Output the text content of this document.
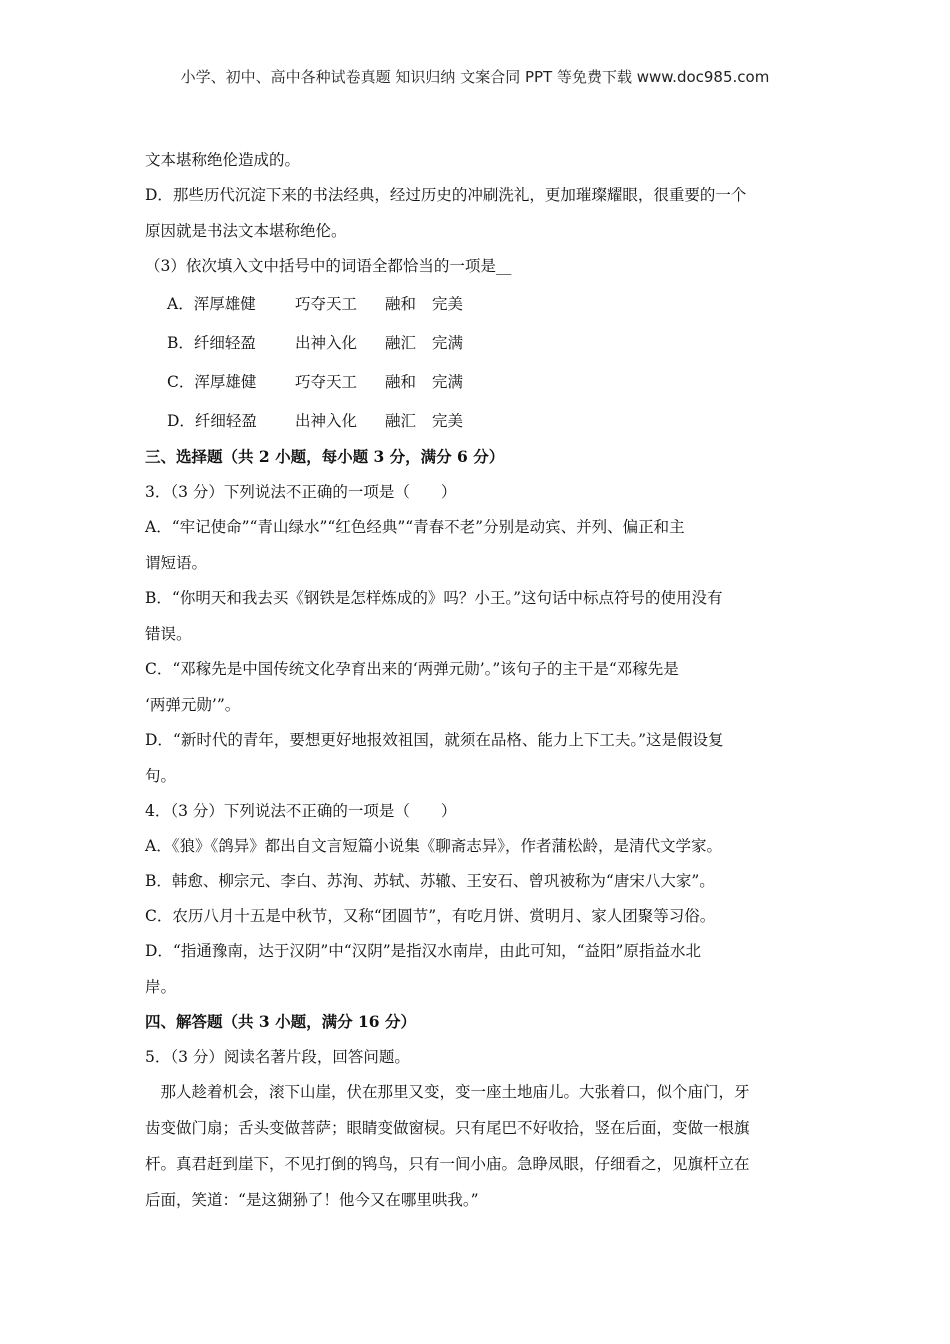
小学、初中、高中各种试卷真题 知识归纳 文案合同 PPT 等免费下载 www.doc985.com

文本堪称绝伦造成的。

D．那些历代沉淀下来的书法经典，经过历史的冲刷洗礼，更加璀璨耀眼，很重要的一个

原因就是书法文本堪称绝伦。

（3）依次填入文中括号中的词语全都恰当的一项是__

A．浑厚雄健	巧夺天工	融和	完美
B．纤细轻盈	出神入化	融汇	完满
C．浑厚雄健	巧夺天工	融和	完满
D．纤细轻盈	出神入化	融汇	完美

三、选择题（共 2 小题，每小题 3 分，满分 6 分）

3．（3 分）下列说法不正确的一项是（　　）

A．“牢记使命”“青山绿水”“红色经典”“青春不老”分别是动宾、并列、偏正和主

谓短语。

B．“你明天和我去买《钢铁是怎样炼成的》吗？小王。”这句话中标点符号的使用没有

错误。

C．“邓稼先是中国传统文化孕育出来的‘两弹元勋’。”该句子的主干是“邓稼先是

‘两弹元勋’”。

D．“新时代的青年，要想更好地报效祖国，就须在品格、能力上下工夫。”这是假设复

句。

4．（3 分）下列说法不正确的一项是（　　）

A．《狼》《鸽异》都出自文言短篇小说集《聊斋志异》，作者蒲松龄，是清代文学家。

B．韩愈、柳宗元、李白、苏洵、苏轼、苏辙、王安石、曾巩被称为“唐宋八大家”。

C．农历八月十五是中秋节，又称“团圆节”，有吃月饼、赏明月、家人团聚等习俗。

D．“指通豫南，达于汉阴”中“汉阴”是指汉水南岸，由此可知，“益阳”原指益水北

岸。

四、解答题（共 3 小题，满分 16 分）

5．（3 分）阅读名著片段，回答问题。

　那人趁着机会，滚下山崖，伏在那里又变，变一座土地庙儿。大张着口，似个庙门，牙

齿变做门扇；舌头变做菩萨；眼睛变做窗棂。只有尾巴不好收拾，竖在后面，变做一根旗

杆。真君赶到崖下，不见打倒的鸨鸟，只有一间小庙。急睁凤眼，仔细看之，见旗杆立在

后面，笑道：“是这猢狲了！他今又在哪里哄我。”
